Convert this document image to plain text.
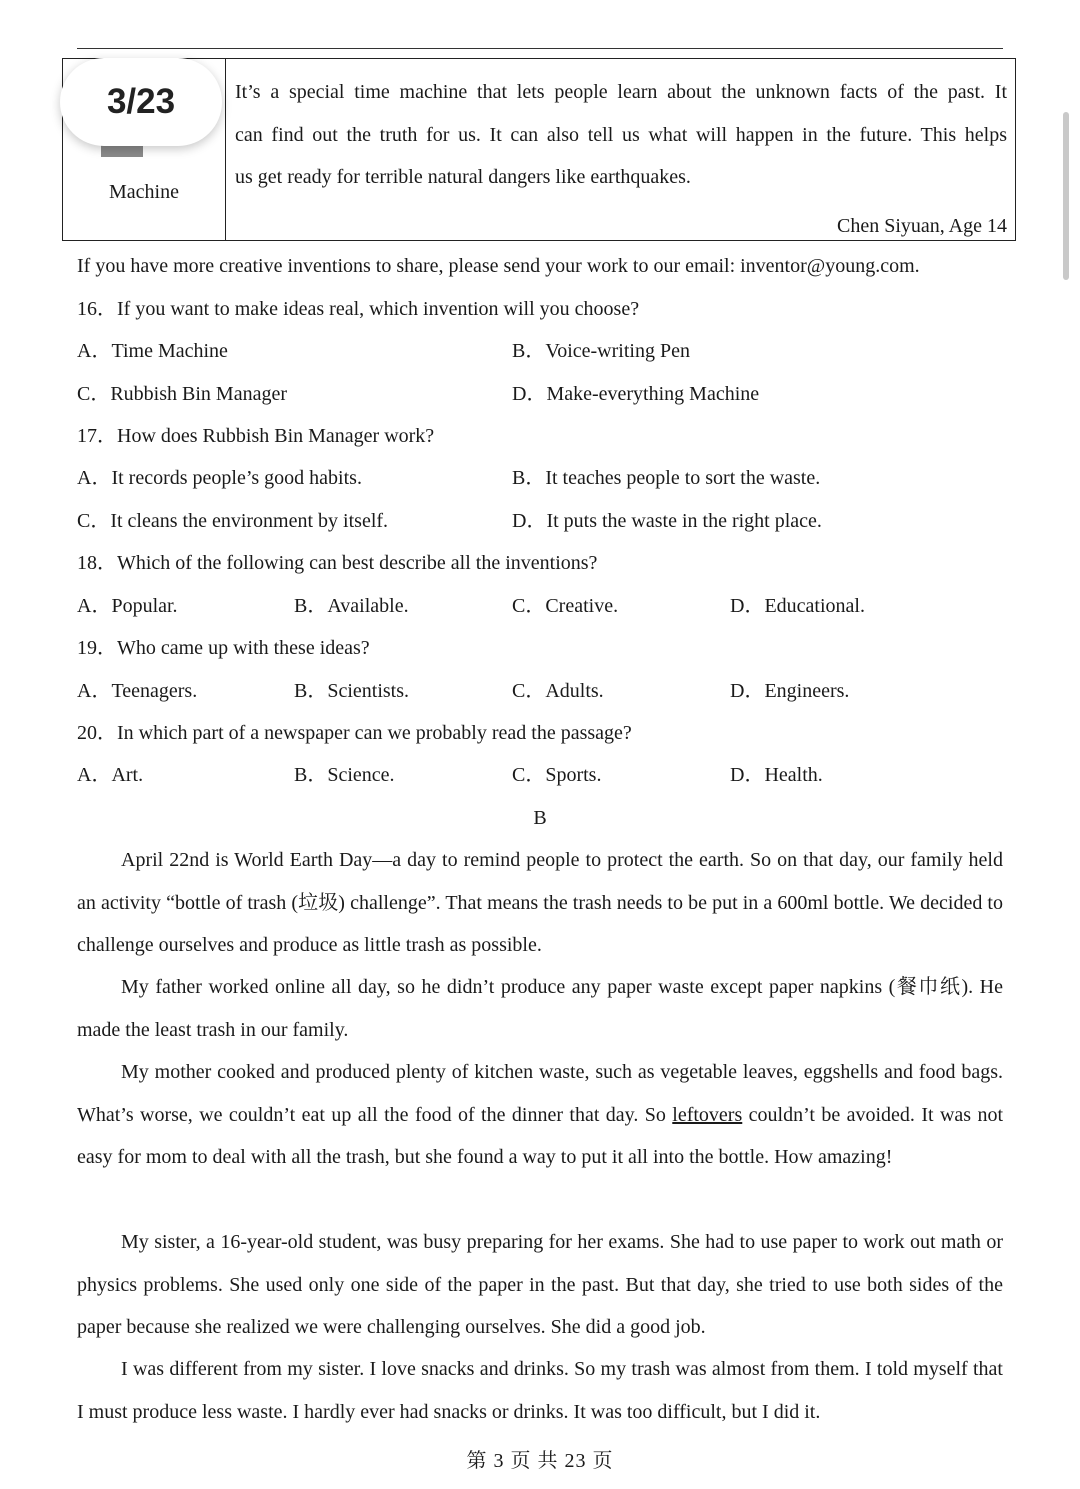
Machine

It’s a special time machine that lets people learn about the unknown facts of the past. It

can find out the truth for us. It can also tell us what will happen in the future. This helps

us get ready for terrible natural dangers like earthquakes.

Chen Siyuan, Age 14
3/23
If you have more creative inventions to share, please send your work to our email: inventor@young.com.
16．If you want to make ideas real, which invention will you choose?
A．Time Machine	B．Voice-writing Pen
C．Rubbish Bin Manager	D．Make-everything Machine
17．How does Rubbish Bin Manager work?
A．It records people’s good habits.	B．It teaches people to sort the waste.
C．It cleans the environment by itself.	D．It puts the waste in the right place.
18．Which of the following can best describe all the inventions?
A．Popular.	B．Available.	C．Creative.	D．Educational.
19．Who came up with these ideas?
A．Teenagers.	B．Scientists.	C．Adults.	D．Engineers.
20．In which part of a newspaper can we probably read the passage?
A．Art.	B．Science.	C．Sports.	D．Health.
B

April 22nd is World Earth Day—a day to remind people to protect the earth. So on that day, our family held an activity “bottle of trash (垃圾) challenge”. That means the trash needs to be put in a 600ml bottle. We decided to challenge ourselves and produce as little trash as possible.

My father worked online all day, so he didn’t produce any paper waste except paper napkins (餐巾纸). He made the least trash in our family.

My mother cooked and produced plenty of kitchen waste, such as vegetable leaves, eggshells and food bags. What’s worse, we couldn’t eat up all the food of the dinner that day. So leftovers couldn’t be avoided. It was not easy for mom to deal with all the trash, but she found a way to put it all into the bottle. How amazing!

My sister, a 16-year-old student, was busy preparing for her exams. She had to use paper to work out math or physics problems. She used only one side of the paper in the past. But that day, she tried to use both sides of the paper because she realized we were challenging ourselves. She did a good job.

I was different from my sister. I love snacks and drinks. So my trash was almost from them. I told myself that I must produce less waste. I hardly ever had snacks or drinks. It was too difficult, but I did it.

第 3 页 共 23 页
